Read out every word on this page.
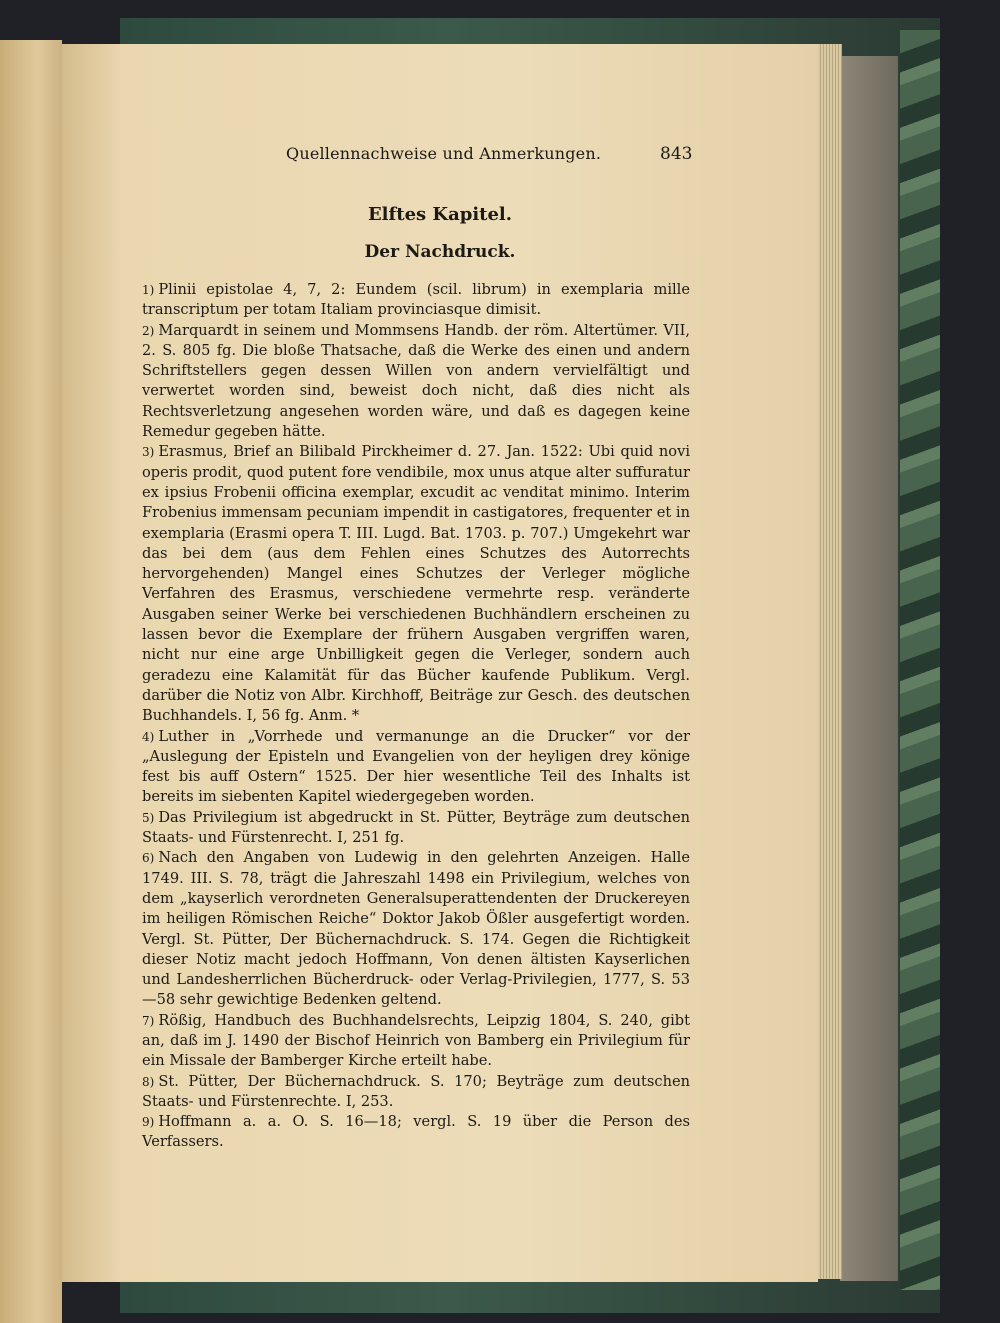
Quellennachweise und Anmerkungen.	843
Elftes Kapitel.
Der Nachdruck.

1) Plinii epistolae 4, 7, 2: Eundem (scil. librum) in exemplaria mille transcriptum per totam Italiam provinciasque dimisit.

2) Marquardt in seinem und Mommsens Handb. der röm. Altertümer. VII, 2. S. 805 fg. Die bloße Thatsache, daß die Werke des einen und andern Schriftstellers gegen dessen Willen von andern vervielfältigt und verwertet worden sind, beweist doch nicht, daß dies nicht als Rechtsverletzung angesehen worden wäre, und daß es dagegen keine Remedur gegeben hätte.

3) Erasmus, Brief an Bilibald Pirckheimer d. 27. Jan. 1522: Ubi quid novi operis prodit, quod putent fore vendibile, mox unus atque alter suffuratur ex ipsius Frobenii officina exemplar, excudit ac venditat minimo. Interim Frobenius immensam pecuniam impendit in castigatores, frequenter et in exemplaria (Erasmi opera T. III. Lugd. Bat. 1703. p. 707.) Umgekehrt war das bei dem (aus dem Fehlen eines Schutzes des Autorrechts hervorgehenden) Mangel eines Schutzes der Verleger mögliche Verfahren des Erasmus, verschiedene vermehrte resp. veränderte Ausgaben seiner Werke bei verschiedenen Buchhändlern erscheinen zu lassen bevor die Exemplare der frühern Ausgaben vergriffen waren, nicht nur eine arge Unbilligkeit gegen die Verleger, sondern auch geradezu eine Kalamität für das Bücher kaufende Publikum. Vergl. darüber die Notiz von Albr. Kirchhoff, Beiträge zur Gesch. des deutschen Buchhandels. I, 56 fg. Anm. *

4) Luther in „Vorrhede und vermanunge an die Drucker“ vor der „Auslegung der Episteln und Evangelien von der heyligen drey könige fest bis auff Ostern“ 1525. Der hier wesentliche Teil des Inhalts ist bereits im siebenten Kapitel wiedergegeben worden.

5) Das Privilegium ist abgedruckt in St. Pütter, Beyträge zum deutschen Staats- und Fürstenrecht. I, 251 fg.

6) Nach den Angaben von Ludewig in den gelehrten Anzeigen. Halle 1749. III. S. 78, trägt die Jahreszahl 1498 ein Privilegium, welches von dem „kayserlich verordneten Generalsuperattendenten der Druckereyen im heiligen Römischen Reiche“ Doktor Jakob Ößler ausgefertigt worden. Vergl. St. Pütter, Der Büchernachdruck. S. 174. Gegen die Richtigkeit dieser Notiz macht jedoch Hoffmann, Von denen ältisten Kayserlichen und Landesherrlichen Bücherdruck- oder Verlag-Privilegien, 1777, S. 53—58 sehr gewichtige Bedenken geltend.

7) Rößig, Handbuch des Buchhandelsrechts, Leipzig 1804, S. 240, gibt an, daß im J. 1490 der Bischof Heinrich von Bamberg ein Privilegium für ein Missale der Bamberger Kirche erteilt habe.

8) St. Pütter, Der Büchernachdruck. S. 170; Beyträge zum deutschen Staats- und Fürstenrechte. I, 253.

9) Hoffmann a. a. O. S. 16—18; vergl. S. 19 über die Person des Verfassers.
